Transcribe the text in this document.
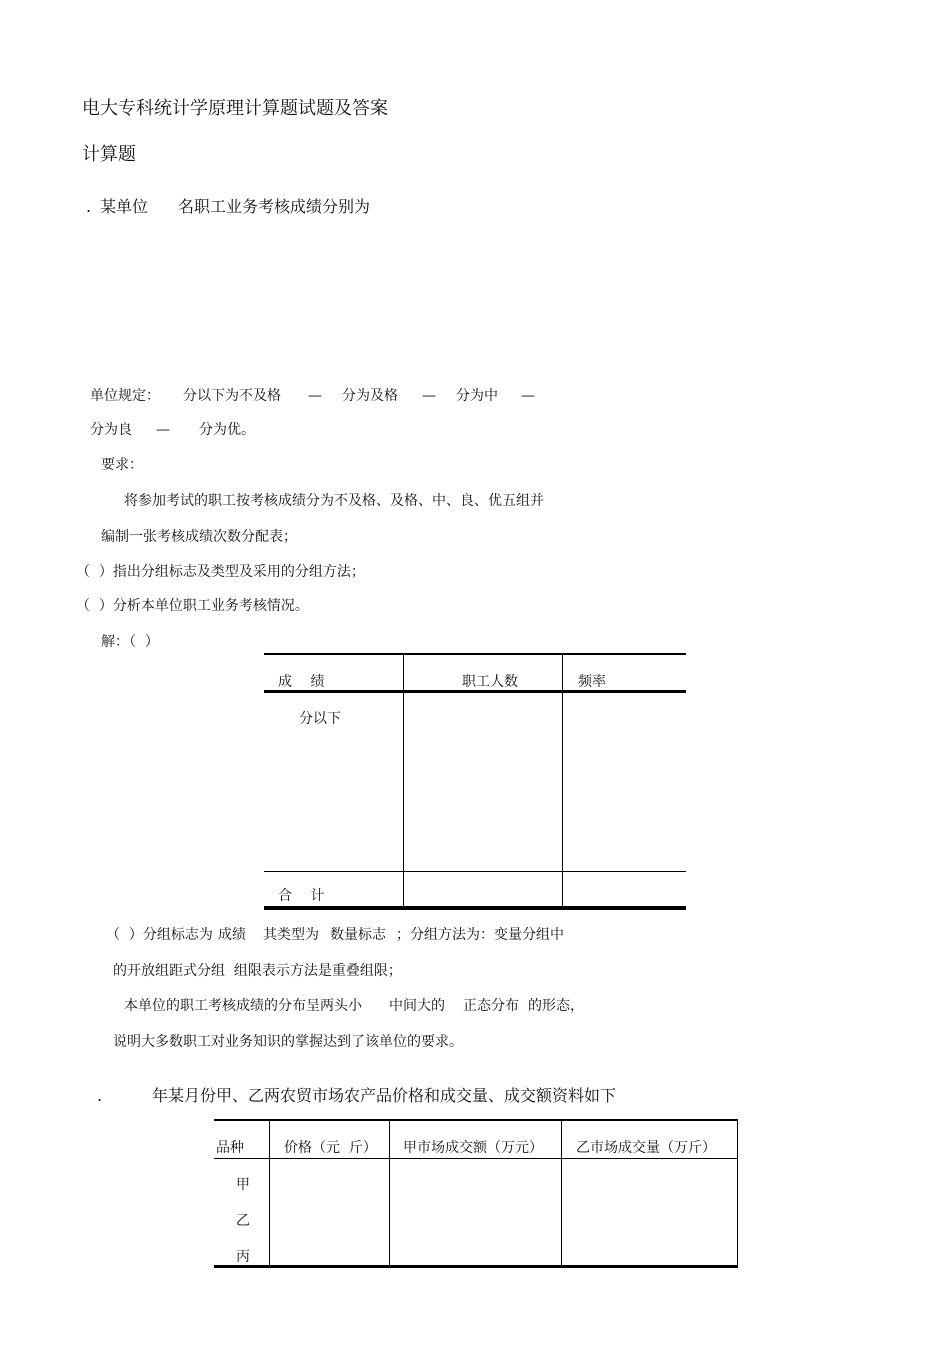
电大专科统计学原理计算题试题及答案
计算题
. 某单位 名职工业务考核成绩分别为
单位规定： 分以下为不及格 — 分为及格 — 分为中 —
分为良 — 分为优。
要求：
将参加考试的职工按考核成绩分为不及格、及格、中、良、优五组并
编制一张考核成绩次数分配表；
（  ）指出分组标志及类型及采用的分组方法；
（  ）分析本单位职工业务考核情况。
解：（  ）
成　 绩	职工人数	频率
分以下
合　 计
（  ）分组标志为 成绩 其类型为 数量标志 ；分组方法为：变量分组中
的开放组距式分组  组限表示方法是重叠组限；
本单位的职工考核成绩的分布呈两头小 中间大的 正态分布 的形态，
说明大多数职工对业务知识的掌握达到了该单位的要求。
.	年某月份甲、乙两农贸市场农产品价格和成交量、成交额资料如下
品种	价格（元  斤） 甲市场成交额（万元） 乙市场成交量（万斤）
甲
乙
丙
